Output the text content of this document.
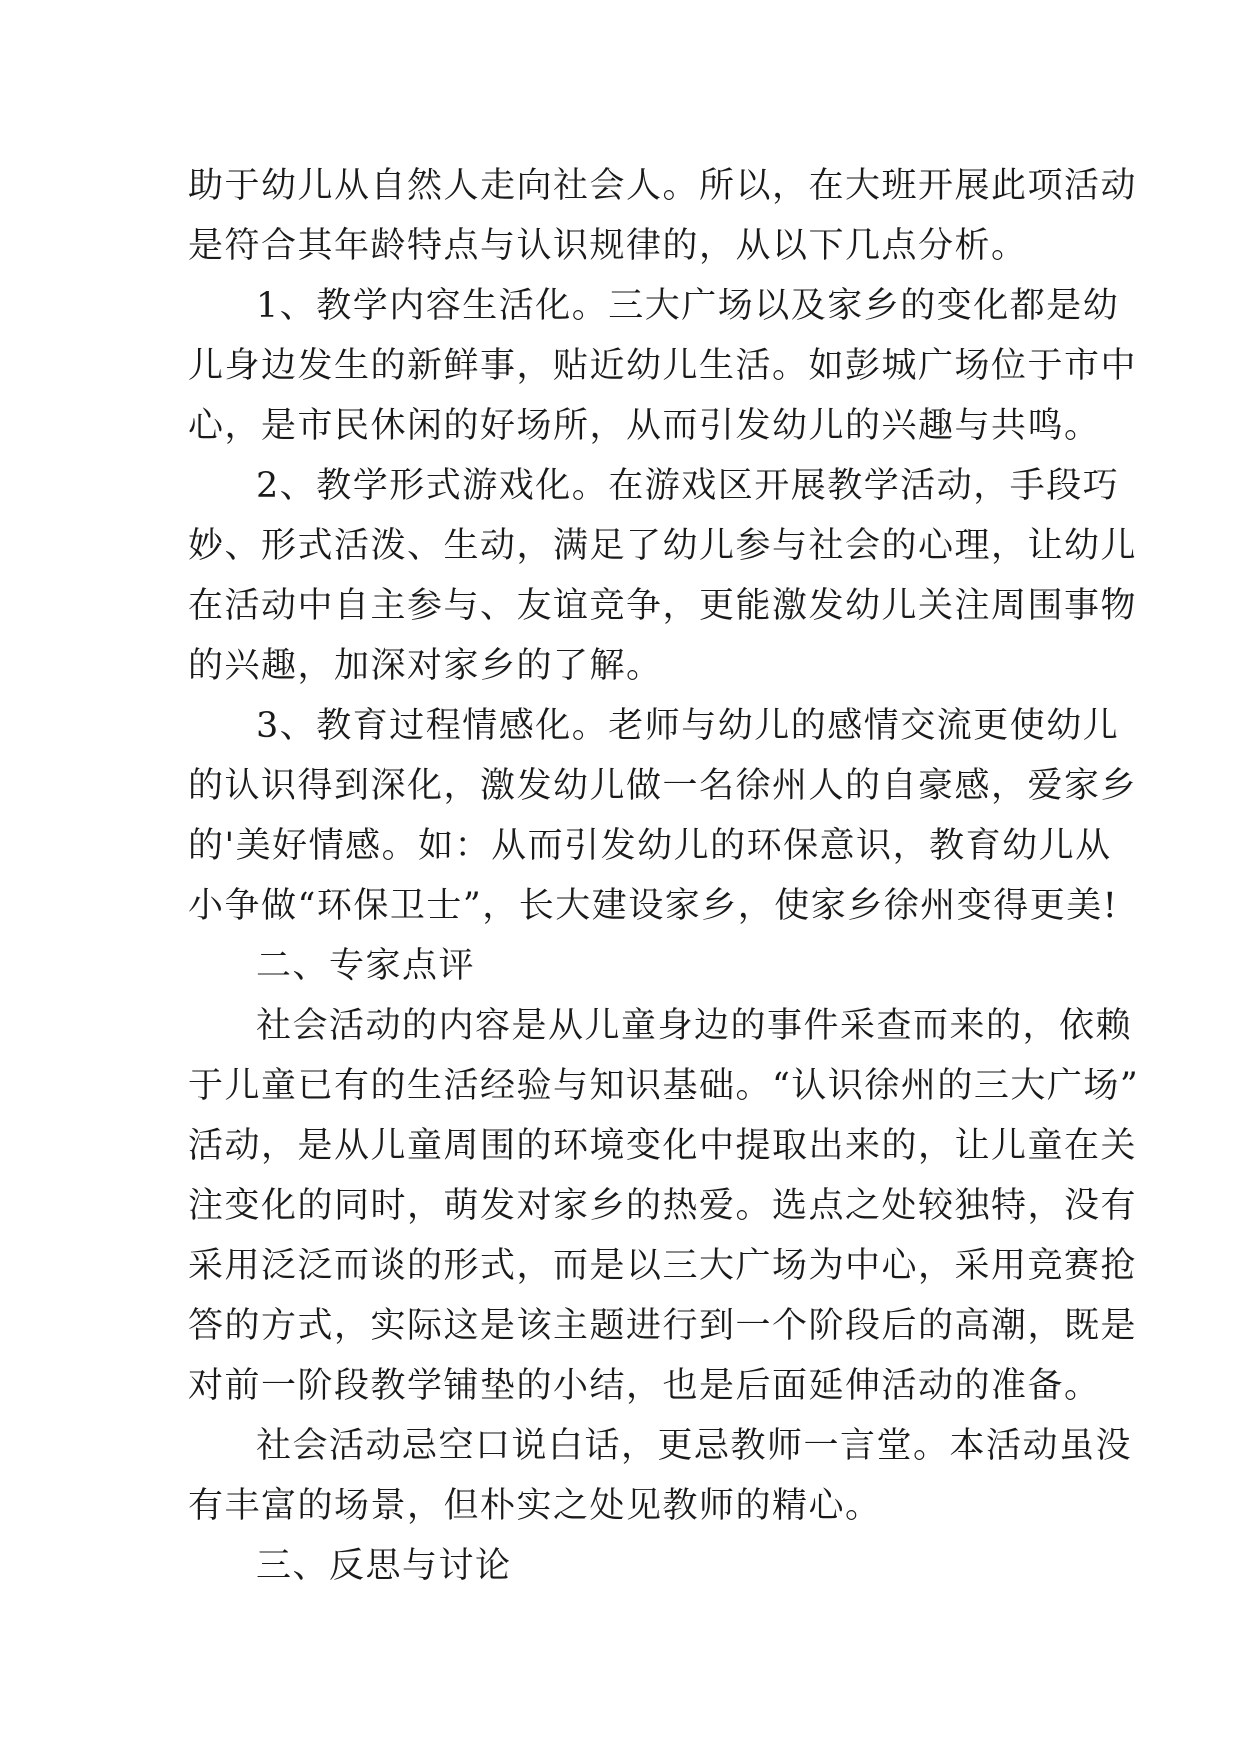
助于幼儿从自然人走向社会人。所以，在大班开展此项活动
是符合其年龄特点与认识规律的，从以下几点分析。
1、教学内容生活化。三大广场以及家乡的变化都是幼
儿身边发生的新鲜事，贴近幼儿生活。如彭城广场位于市中
心，是市民休闲的好场所，从而引发幼儿的兴趣与共鸣。
2、教学形式游戏化。在游戏区开展教学活动，手段巧
妙、形式活泼、生动，满足了幼儿参与社会的心理，让幼儿
在活动中自主参与、友谊竞争，更能激发幼儿关注周围事物
的兴趣，加深对家乡的了解。
3、教育过程情感化。老师与幼儿的感情交流更使幼儿
的认识得到深化，激发幼儿做一名徐州人的自豪感，爱家乡
的'美好情感。如：从而引发幼儿的环保意识，教育幼儿从
小争做“环保卫士”，长大建设家乡，使家乡徐州变得更美!
二、专家点评
社会活动的内容是从儿童身边的事件采查而来的，依赖
于儿童已有的生活经验与知识基础。“认识徐州的三大广场”
活动，是从儿童周围的环境变化中提取出来的，让儿童在关
注变化的同时，萌发对家乡的热爱。选点之处较独特，没有
采用泛泛而谈的形式，而是以三大广场为中心，采用竞赛抢
答的方式，实际这是该主题进行到一个阶段后的高潮，既是
对前一阶段教学铺垫的小结，也是后面延伸活动的准备。
社会活动忌空口说白话，更忌教师一言堂。本活动虽没
有丰富的场景，但朴实之处见教师的精心。
三、反思与讨论
